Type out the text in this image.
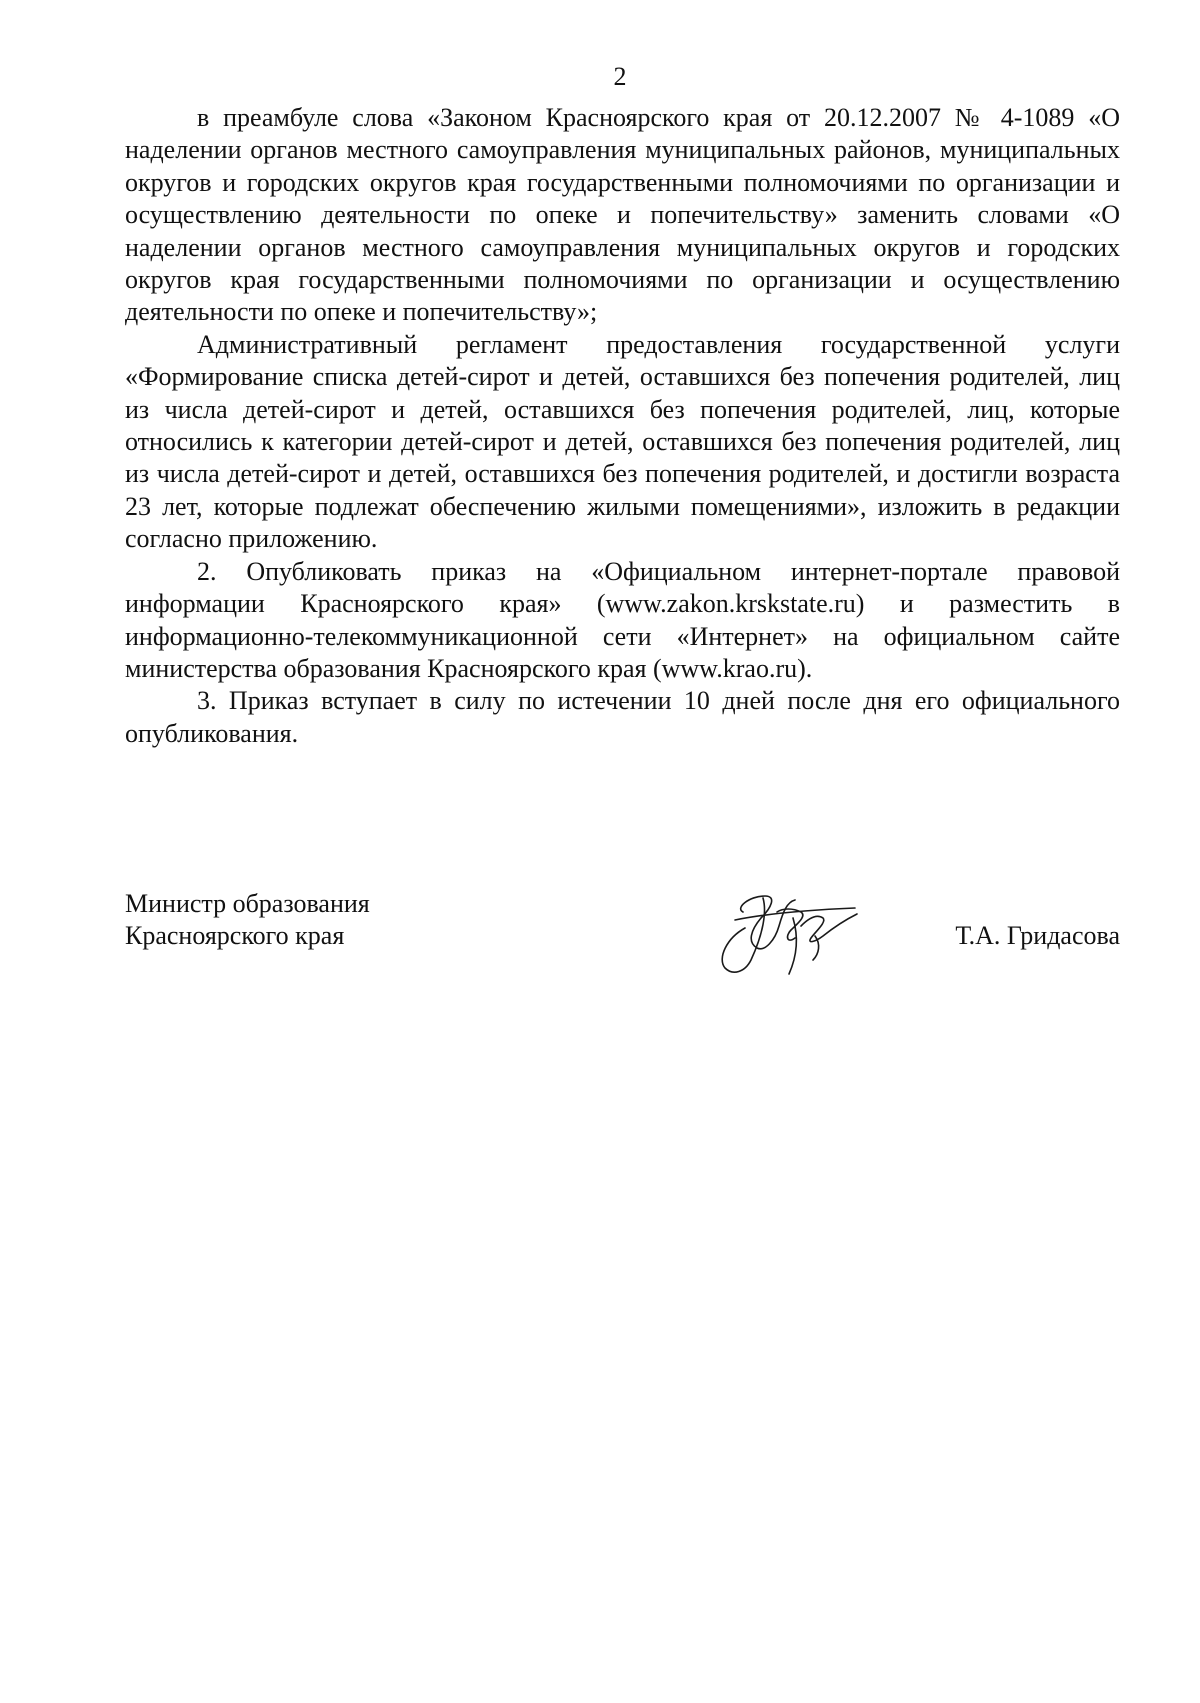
2

в преамбуле слова «Законом Красноярского края от 20.12.2007 № 4-1089 «О наделении органов местного самоуправления муниципальных районов, муниципальных округов и городских округов края государственными полномочиями по организации и осуществлению деятельности по опеке и попечительству» заменить словами «О наделении органов местного самоуправления муниципальных округов и городских округов края государственными полномочиями по организации и осуществлению деятельности по опеке и попечительству»;

Административный регламент предоставления государственной услуги «Формирование списка детей-сирот и детей, оставшихся без попечения родителей, лиц из числа детей-сирот и детей, оставшихся без попечения родителей, лиц, которые относились к категории детей-сирот и детей, оставшихся без попечения родителей, лиц из числа детей-сирот и детей, оставшихся без попечения родителей, и достигли возраста 23 лет, которые подлежат обеспечению жилыми помещениями», изложить в редакции согласно приложению.

2. Опубликовать приказ на «Официальном интернет-портале правовой информации Красноярского края» (www.zakon.krskstate.ru) и разместить в информационно-телекоммуникационной сети «Интернет» на официальном сайте министерства образования Красноярского края (www.krao.ru).

3. Приказ вступает в силу по истечении 10 дней после дня его официального опубликования.

Министр образования
Красноярского края	Т.А. Гридасова
